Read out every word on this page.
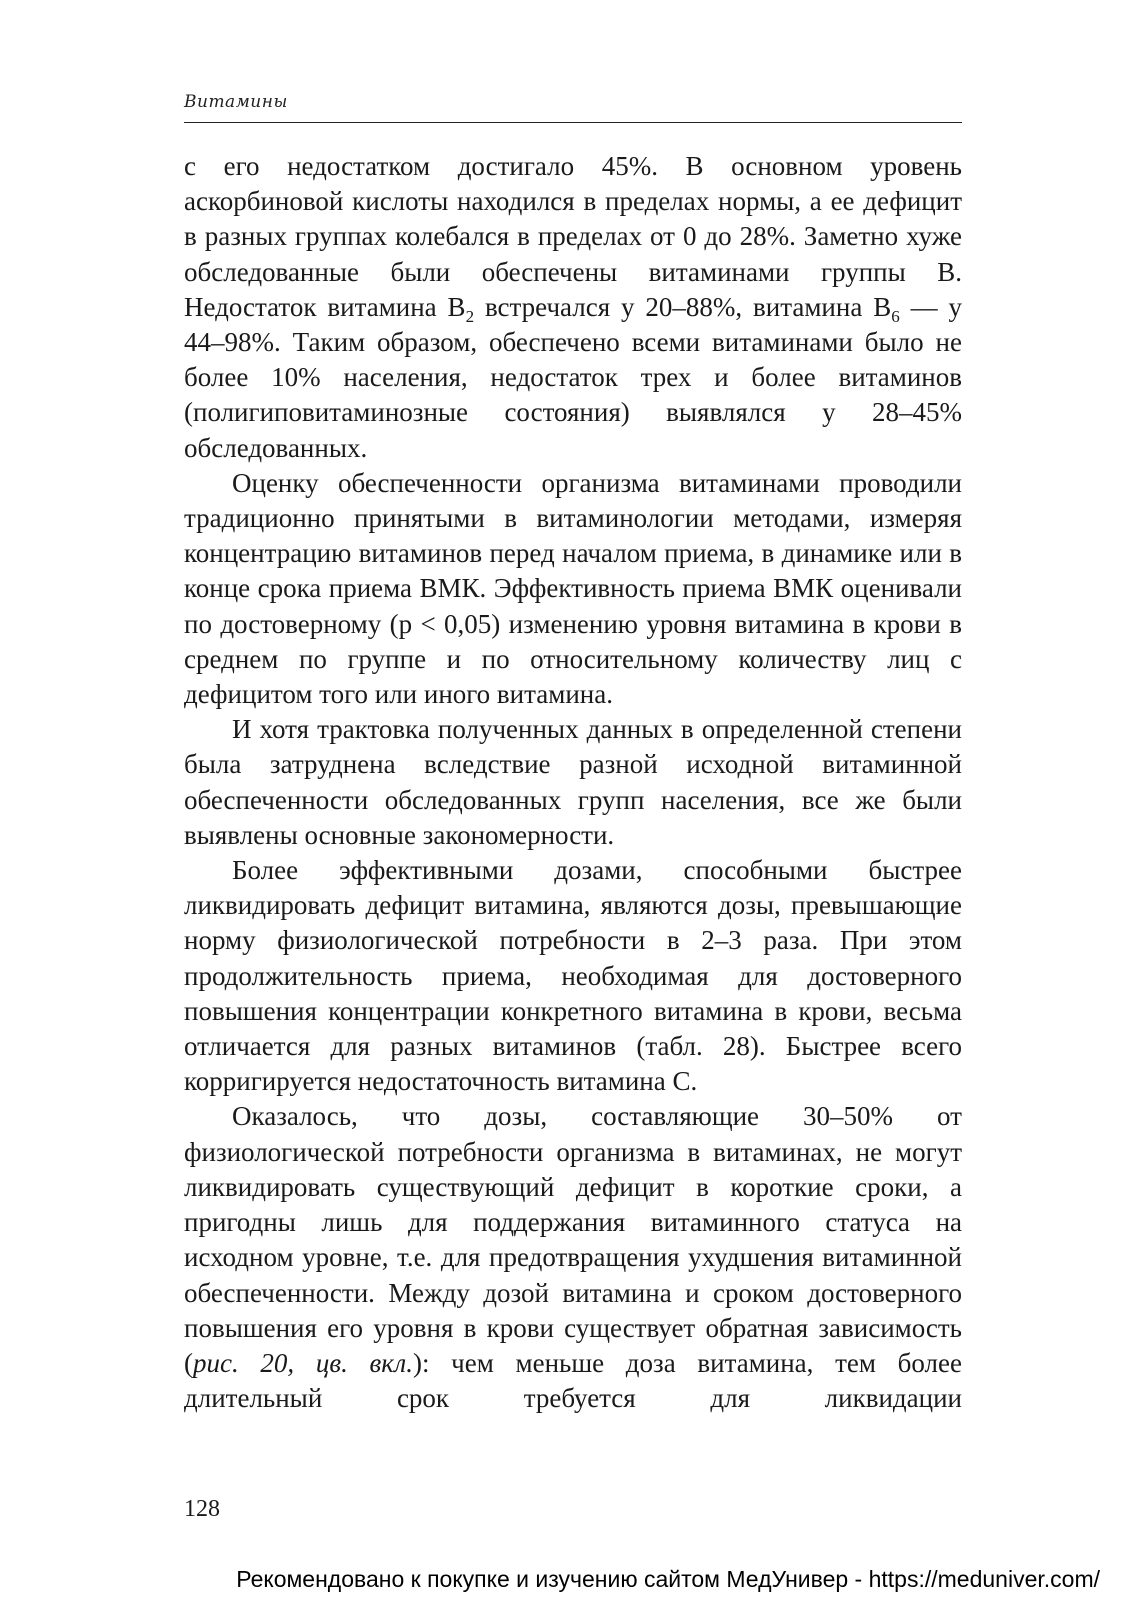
Витамины

с его недостатком достигало 45%. В основном уровень аскорбиновой кислоты находился в пределах нормы, а ее дефицит в разных группах колебался в пределах от 0 до 28%. Заметно хуже обследованные были обеспечены витаминами группы В. Недостаток витамина $В_2$ встречался у 20–88%, витамина $В_6$ — у 44–98%. Таким образом, обеспечено всеми витаминами было не более 10% населения, недостаток трех и более витаминов (полигиповитаминозные состояния) выявлялся у 28–45% обследованных.

Оценку обеспеченности организма витаминами проводили традиционно принятыми в витаминологии методами, измеряя концентрацию витаминов перед началом приема, в динамике или в конце срока приема ВМК. Эффективность приема ВМК оценивали по достоверному (р < 0,05) изменению уровня витамина в крови в среднем по группе и по относительному количеству лиц с дефицитом того или иного витамина.

И хотя трактовка полученных данных в определенной степени была затруднена вследствие разной исходной витаминной обеспеченности обследованных групп населения, все же были выявлены основные закономерности.

Более эффективными дозами, способными быстрее ликвидировать дефицит витамина, являются дозы, превышающие норму физиологической потребности в 2–3 раза. При этом продолжительность приема, необходимая для достоверного повышения концентрации конкретного витамина в крови, весьма отличается для разных витаминов (табл. 28). Быстрее всего корригируется недостаточность витамина С.

Оказалось, что дозы, составляющие 30–50% от физиологической потребности организма в витаминах, не могут ликвидировать существующий дефицит в короткие сроки, а пригодны лишь для поддержания витаминного статуса на исходном уровне, т.е. для предотвращения ухудшения витаминной обеспеченности. Между дозой витамина и сроком достоверного повышения его уровня в крови существует обратная зависимость (рис. 20, цв. вкл.): чем меньше доза витамина, тем более длительный срок требуется для ликвидации

128
Рекомендовано к покупке и изучению сайтом МедУнивер - https://meduniver.com/
